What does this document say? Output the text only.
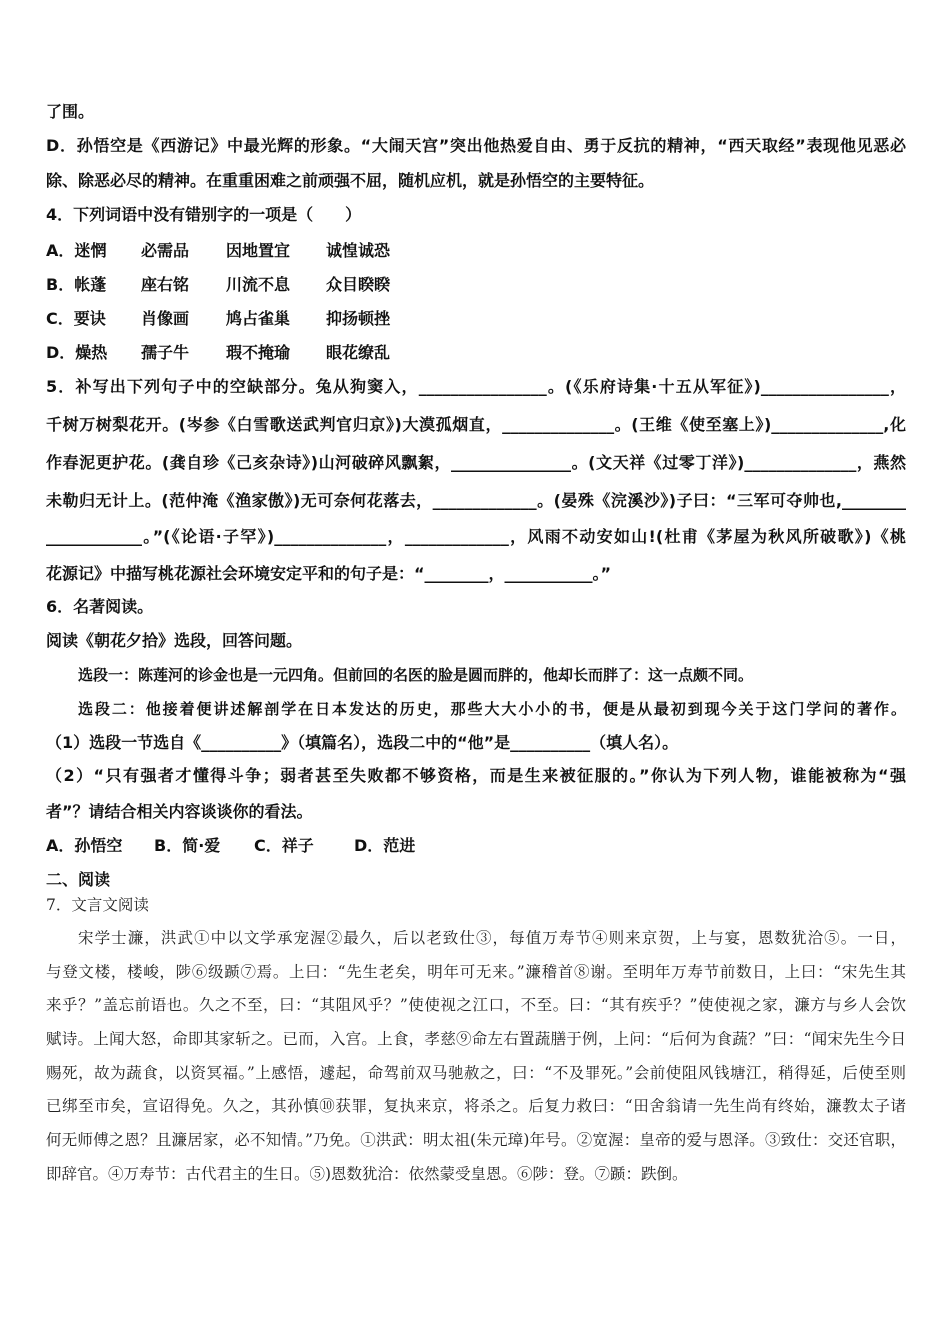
了围。
D．孙悟空是《西游记》中最光辉的形象。“大闹天宫”突出他热爱自由、勇于反抗的精神，“西天取经”表现他见恶必
除、除恶必尽的精神。在重重困难之前顽强不屈，随机应机，就是孙悟空的主要特征。
4．下列词语中没有错别字的一项是（　　）
A．迷惘 必需品 因地置宜 诚惶诚恐
B．帐蓬 座右铭 川流不息 众目睽睽
C．要诀 肖像画 鸠占雀巢 抑扬顿挫
D．燥热 孺子牛 瑕不掩瑜 眼花缭乱
5．补写出下列句子中的空缺部分。兔从狗窦入，________________。(《乐府诗集·十五从军征》)________________，
千树万树梨花开。(岑参《白雪歌送武判官归京》)大漠孤烟直，______________。(王维《使至塞上》)______________,化
作春泥更护花。(龚自珍《己亥杂诗》)山河破碎风飘絮，_______________。(文天祥《过零丁洋》)______________，燕然
未勒归无计上。(范仲淹《渔家傲》)无可奈何花落去，_____________。(晏殊《浣溪沙》)子曰：“三军可夺帅也,________
____________。”(《论语·子罕》)______________，_____________，风雨不动安如山!(杜甫《茅屋为秋风所破歌》)《桃
花源记》中描写桃花源社会环境安定平和的句子是：“________，___________。”
6．名著阅读。
阅读《朝花夕拾》选段，回答问题。
选段一：陈莲河的诊金也是一元四角。但前回的名医的脸是圆而胖的，他却长而胖了：这一点颇不同。
选段二：他接着便讲述解剖学在日本发达的历史，那些大大小小的书，便是从最初到现今关于这门学问的著作。
（1）选段一节选自《__________》（填篇名），选段二中的“他”是__________（填人名）。
（2）“只有强者才懂得斗争；弱者甚至失败都不够资格，而是生来被征服的。”你认为下列人物，谁能被称为“强
者”？请结合相关内容谈谈你的看法。
A．孙悟空 B．简·爱 C．祥子	D．范进
二、阅读
7．文言文阅读
宋学士濂，洪武①中以文学承宠渥②最久，后以老致仕③，每值万寿节④则来京贺，上与宴，恩数犹洽⑤。一日，
与登文楼，楼峻，陟⑥级踬⑦焉。上曰：“先生老矣，明年可无来。”濂稽首⑧谢。至明年万寿节前数日，上曰：“宋先生其
来乎？”盖忘前语也。久之不至，曰：“其阻风乎？”使使视之江口，不至。曰：“其有疾乎？”使使视之家，濂方与乡人会饮
赋诗。上闻大怒，命即其家斩之。已而，入宫。上食，孝慈⑨命左右置蔬膳于例，上问：“后何为食蔬？”曰：“闻宋先生今日
赐死，故为蔬食，以资冥福。”上感悟，遽起，命驾前双马驰赦之，曰：“不及罪死。”会前使阻风钱塘江，稍得延，后使至则
已绑至市矣，宣诏得免。久之，其孙慎⑩获罪，复执来京，将杀之。后复力救曰：“田舍翁请一先生尚有终始，濂教太子诸
何无师傅之恩？且濂居家，必不知情。”乃免。①洪武：明太祖(朱元璋)年号。②宽渥：皇帝的爱与恩泽。③致仕：交还官职，
即辞官。④万寿节：古代君主的生日。⑤)恩数犹洽：依然蒙受皇恩。⑥陟：登。⑦踬：跌倒。
